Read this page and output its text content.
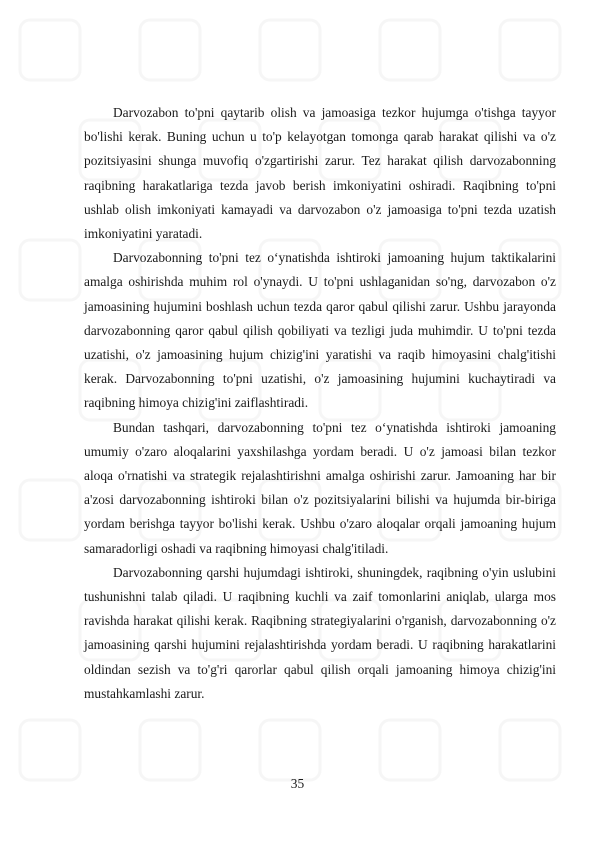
Darvozabon to'pni qaytarib olish va jamoasiga tezkor hujumga o'tishga tayyor bo'lishi kerak. Buning uchun u to'p kelayotgan tomonga qarab harakat qilishi va o'z pozitsiyasini shunga muvofiq o'zgartirishi zarur. Tez harakat qilish darvozabonning raqibning harakatlariga tezda javob berish imkoniyatini oshiradi. Raqibning to'pni ushlab olish imkoniyati kamayadi va darvozabon o'z jamoasiga to'pni tezda uzatish imkoniyatini yaratadi.

Darvozabonning to'pni tez o‘ynatishda ishtiroki jamoaning hujum taktikalarini amalga oshirishda muhim rol o'ynaydi. U to'pni ushlaganidan so'ng, darvozabon o'z jamoasining hujumini boshlash uchun tezda qaror qabul qilishi zarur. Ushbu jarayonda darvozabonning qaror qabul qilish qobiliyati va tezligi juda muhimdir. U to'pni tezda uzatishi, o'z jamoasining hujum chizig'ini yaratishi va raqib himoyasini chalg'itishi kerak. Darvozabonning to'pni uzatishi, o'z jamoasining hujumini kuchaytiradi va raqibning himoya chizig'ini zaiflashtiradi.

Bundan tashqari, darvozabonning to'pni tez o‘ynatishda ishtiroki jamoaning umumiy o'zaro aloqalarini yaxshilashga yordam beradi. U o'z jamoasi bilan tezkor aloqa o'rnatishi va strategik rejalashtirishni amalga oshirishi zarur. Jamoaning har bir a'zosi darvozabonning ishtiroki bilan o'z pozitsiyalarini bilishi va hujumda bir-biriga yordam berishga tayyor bo'lishi kerak. Ushbu o'zaro aloqalar orqali jamoaning hujum samaradorligi oshadi va raqibning himoyasi chalg'itiladi.

Darvozabonning qarshi hujumdagi ishtiroki, shuningdek, raqibning o'yin uslubini tushunishni talab qiladi. U raqibning kuchli va zaif tomonlarini aniqlab, ularga mos ravishda harakat qilishi kerak. Raqibning strategiyalarini o'rganish, darvozabonning o'z jamoasining qarshi hujumini rejalashtirishda yordam beradi. U raqibning harakatlarini oldindan sezish va to'g'ri qarorlar qabul qilish orqali jamoaning himoya chizig'ini mustahkamlashi zarur.

35
